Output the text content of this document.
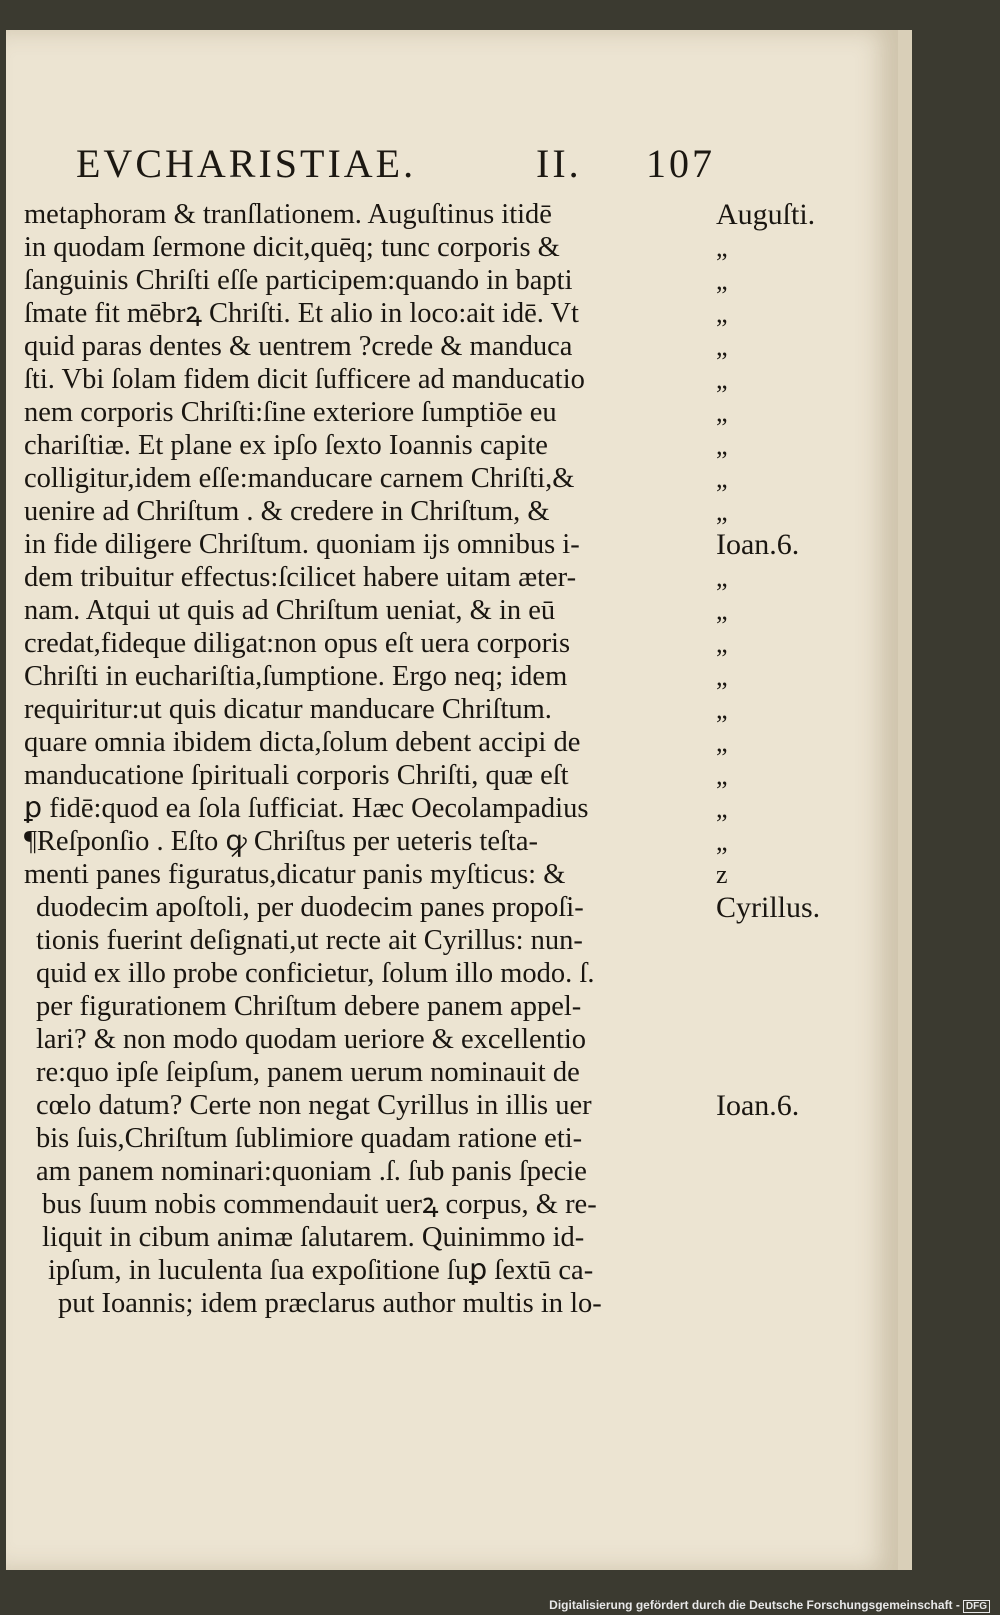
EVCHARISTIAE.	II. 107
metaphoram & tranſlationem. Auguſtinus itidē
in quodam ſermone dicit,quēq; tunc corporis &
ſanguinis Chriſti eſſe participem:quando in bapti
ſmate fit mēbrꝝ Chriſti. Et alio in loco:ait idē. Vt
quid paras dentes & uentrem ?crede & manduca
ſti. Vbi ſolam fidem dicit ſufficere ad manducatio
nem corporis Chriſti:ſine exteriore ſumptiōe eu
chariſtiæ. Et plane ex ipſo ſexto Ioannis capite
colligitur,idem eſſe:manducare carnem Chriſti,&
uenire ad Chriſtum . & credere in Chriſtum, &
in fide diligere Chriſtum. quoniam ijs omnibus i-
dem tribuitur effectus:ſcilicet habere uitam æter-
nam. Atqui ut quis ad Chriſtum ueniat, & in eū
credat,fideque diligat:non opus eſt uera corporis
Chriſti in euchariſtia,ſumptione. Ergo neq; idem
requiritur:ut quis dicatur manducare Chriſtum.
quare omnia ibidem dicta,ſolum debent accipi de
manducatione ſpirituali corporis Chriſti, quæ eſt
ꝑ fidē:quod ea ſola ſufficiat. Hæc Oecolampadius
¶Reſponſio . Eſto ꝙ Chriſtus per ueteris teſta-
menti panes figuratus,dicatur panis myſticus: &
duodecim apoſtoli, per duodecim panes propoſi-
tionis fuerint deſignati,ut recte ait Cyrillus: nun-
quid ex illo probe conficietur, ſolum illo modo. ſ.
per figurationem Chriſtum debere panem appel-
lari? & non modo quodam ueriore & excellentio
re:quo ipſe ſeipſum, panem uerum nominauit de
cœlo datum? Certe non negat Cyrillus in illis uer
bis ſuis,Chriſtum ſublimiore quadam ratione eti-
am panem nominari:quoniam .ſ. ſub panis ſpecie
bus ſuum nobis commendauit uerꝝ corpus, & re-
liquit in cibum animæ ſalutarem. Quinimmo id-
ipſum, in luculenta ſua expoſitione ſuꝑ ſextū ca-
put Ioannis; idem præclarus author multis in lo-
Auguſti.
„
„
„
„
„
„
„
„
„
Ioan.6.
„
„
„
„
„
„
„
„
„
z
Cyrillus.
Ioan.6.
Digitalisierung gefördert durch die Deutsche Forschungsgemeinschaft - DFG
